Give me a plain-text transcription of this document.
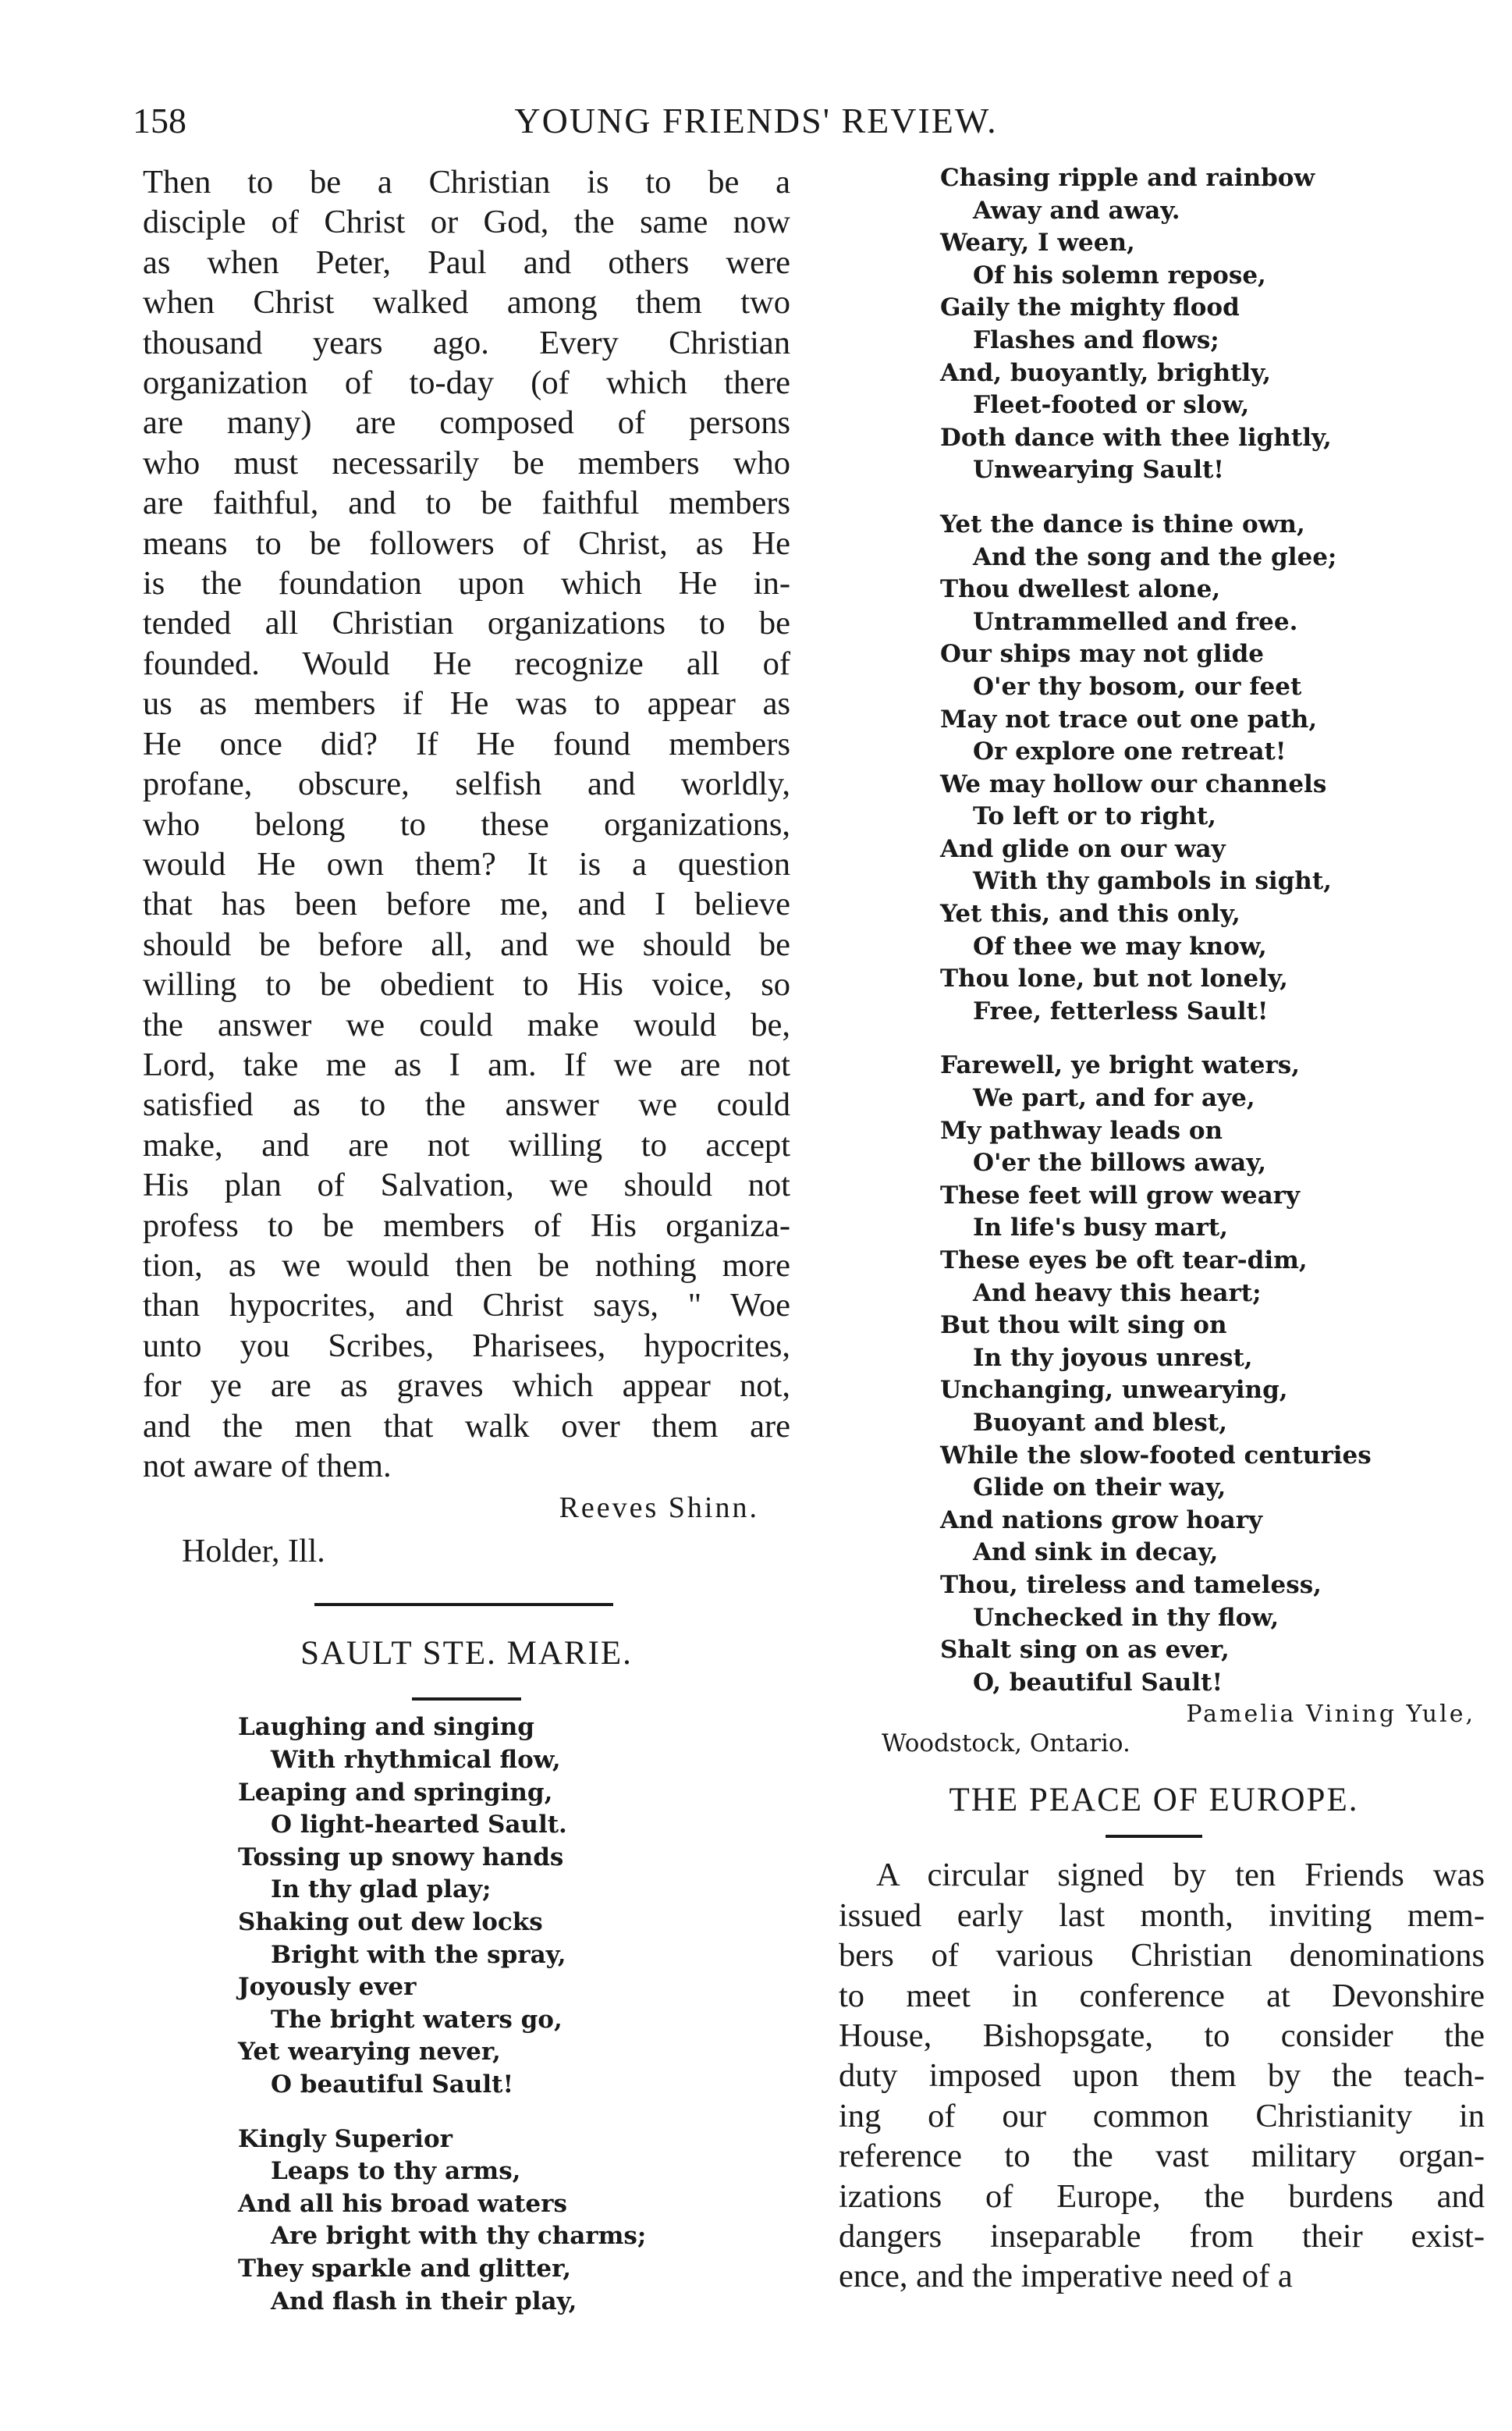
158	YOUNG FRIENDS' REVIEW.
Then to be a Christian is to be a
disciple of Christ or God, the same now
as when Peter, Paul and others were
when Christ walked among them two
thousand years ago. Every Christian
organization of to-day (of which there
are many) are composed of persons
who must necessarily be members who
are faithful, and to be faithful members
means to be followers of Christ, as He
is the foundation upon which He in-
tended all Christian organizations to be
founded. Would He recognize all of
us as members if He was to appear as
He once did? If He found members
profane, obscure, selfish and worldly,
who belong to these organizations,
would He own them? It is a question
that has been before me, and I believe
should be before all, and we should be
willing to be obedient to His voice, so
the answer we could make would be,
Lord, take me as I am. If we are not
satisfied as to the answer we could
make, and are not willing to accept
His plan of Salvation, we should not
profess to be members of His organiza-
tion, as we would then be nothing more
than hypocrites, and Christ says, " Woe
unto you Scribes, Pharisees, hypocrites,
for ye are as graves which appear not,
and the men that walk over them are
not aware of them.
Reeves Shinn.
Holder, Ill.
SAULT STE. MARIE.
Laughing and singing
With rhythmical flow,
Leaping and springing,
O light-hearted Sault.
Tossing up snowy hands
In thy glad play;
Shaking out dew locks
Bright with the spray,
Joyously ever
The bright waters go,
Yet wearying never,
O beautiful Sault!
Kingly Superior
Leaps to thy arms,
And all his broad waters
Are bright with thy charms;
They sparkle and glitter,
And flash in their play,
Chasing ripple and rainbow
Away and away.
Weary, I ween,
Of his solemn repose,
Gaily the mighty flood
Flashes and flows;
And, buoyantly, brightly,
Fleet-footed or slow,
Doth dance with thee lightly,
Unwearying Sault!
Yet the dance is thine own,
And the song and the glee;
Thou dwellest alone,
Untrammelled and free.
Our ships may not glide
O'er thy bosom, our feet
May not trace out one path,
Or explore one retreat!
We may hollow our channels
To left or to right,
And glide on our way
With thy gambols in sight,
Yet this, and this only,
Of thee we may know,
Thou lone, but not lonely,
Free, fetterless Sault!
Farewell, ye bright waters,
We part, and for aye,
My pathway leads on
O'er the billows away,
These feet will grow weary
In life's busy mart,
These eyes be oft tear-dim,
And heavy this heart;
But thou wilt sing on
In thy joyous unrest,
Unchanging, unwearying,
Buoyant and blest,
While the slow-footed centuries
Glide on their way,
And nations grow hoary
And sink in decay,
Thou, tireless and tameless,
Unchecked in thy flow,
Shalt sing on as ever,
O, beautiful Sault!
Pamelia Vining Yule,
Woodstock, Ontario.
THE PEACE OF EUROPE.
A circular signed by ten Friends was
issued early last month, inviting mem-
bers of various Christian denominations
to meet in conference at Devonshire
House, Bishopsgate, to consider the
duty imposed upon them by the teach-
ing of our common Christianity in
reference to the vast military organ-
izations of Europe, the burdens and
dangers inseparable from their exist-
ence, and the imperative need of a
